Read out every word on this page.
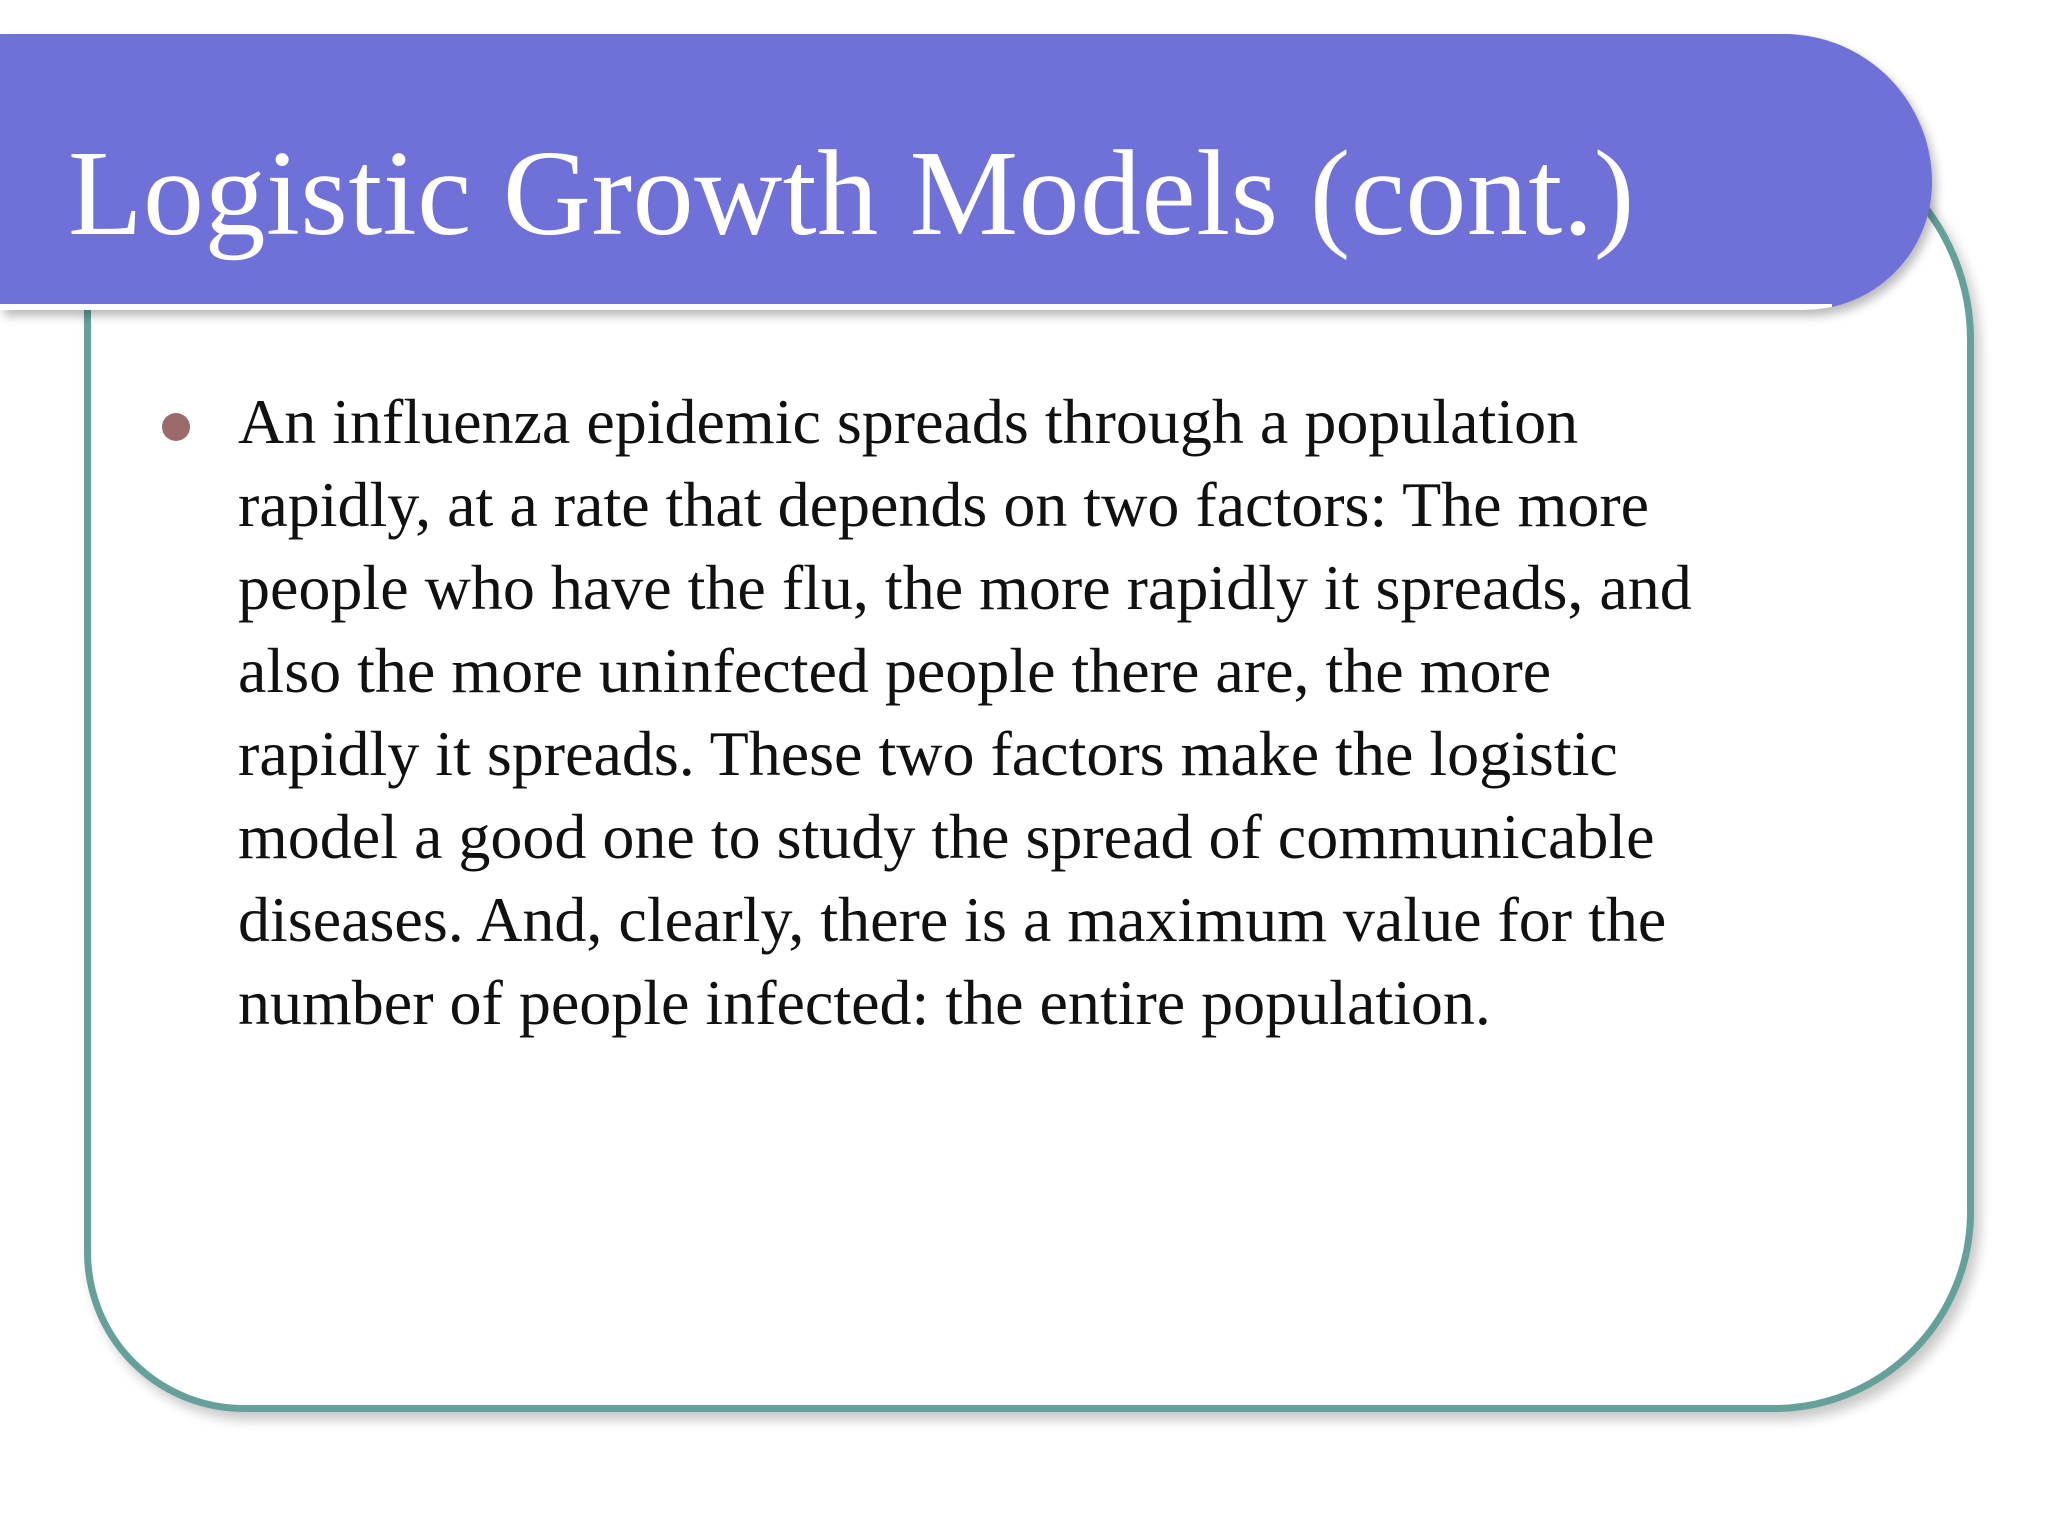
Logistic Growth Models (cont.)
An influenza epidemic spreads through a population
rapidly, at a rate that depends on two factors: The more
people who have the flu, the more rapidly it spreads, and
also the more uninfected people there are, the more
rapidly it spreads. These two factors make the logistic
model a good one to study the spread of communicable
diseases. And, clearly, there is a maximum value for the
number of people infected: the entire population.
